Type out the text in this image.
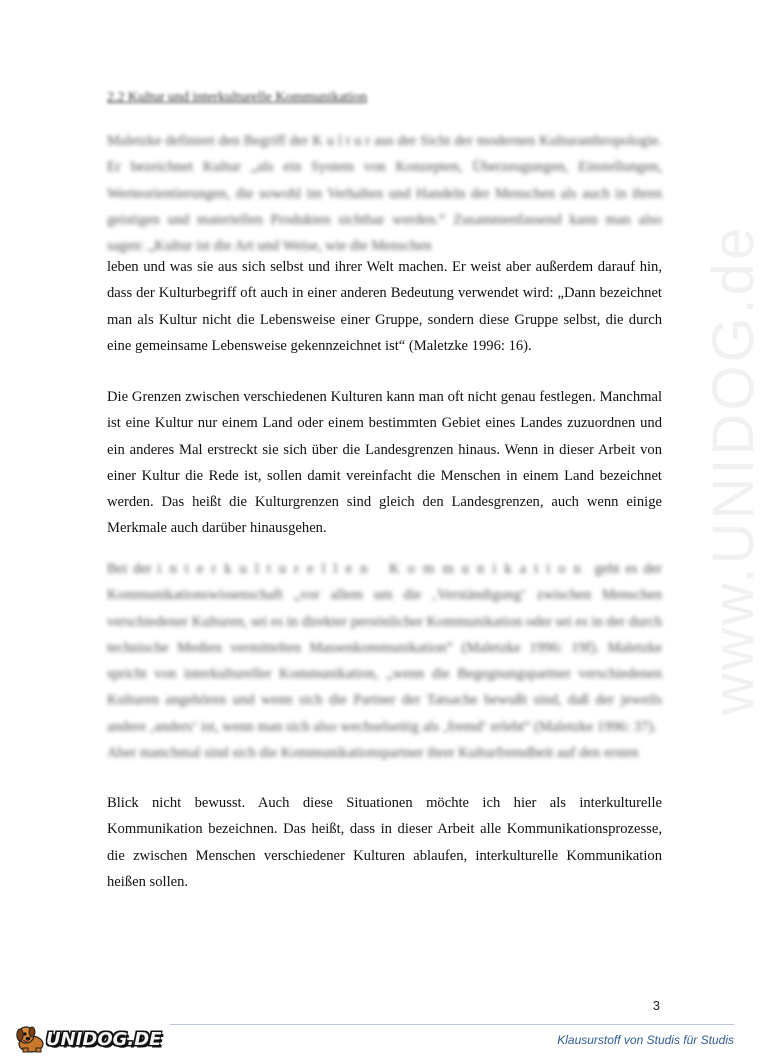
www.UNIDOG.de
2.2 Kultur und interkulturelle Kommunikation

Maletzke definiert den Begriff der K u l t u r aus der Sicht der modernen Kulturanthropologie. Er bezeichnet Kultur „als ein System von Konzepten, Überzeugungen, Einstellungen, Werteorientierungen, die sowohl im Verhalten und Handeln der Menschen als auch in ihren geistigen und materiellen Produkten sichtbar werden.“ Zusammenfassend kann man also sagen: „Kultur ist die Art und Weise, wie die Menschen

leben und was sie aus sich selbst und ihrer Welt machen. Er weist aber außerdem darauf hin, dass der Kulturbegriff oft auch in einer anderen Bedeutung verwendet wird: „Dann bezeichnet man als Kultur nicht die Lebensweise einer Gruppe, sondern diese Gruppe selbst, die durch eine gemeinsame Lebensweise gekennzeichnet ist“ (Maletzke 1996: 16).

Die Grenzen zwischen verschiedenen Kulturen kann man oft nicht genau festlegen. Manchmal ist eine Kultur nur einem Land oder einem bestimmten Gebiet eines Landes zuzuordnen und ein anderes Mal erstreckt sie sich über die Landesgrenzen hinaus. Wenn in dieser Arbeit von einer Kultur die Rede ist, sollen damit vereinfacht die Menschen in einem Land bezeichnet werden. Das heißt die Kulturgrenzen sind gleich den Landesgrenzen, auch wenn einige Merkmale auch darüber hinausgehen.

Bei der interkulturellen Kommunikation geht es der Kommunikationswissenschaft „vor allem um die ‚Verständigung‘ zwischen Menschen verschiedener Kulturen, sei es in direkter persönlicher Kommunikation oder sei es in der durch technische Medien vermittelten Massenkommunikation“ (Maletzke 1996: 19f). Maletzke spricht von interkultureller Kommunikation, „wenn die Begegnungspartner verschiedenen Kulturen angehören und wenn sich die Partner der Tatsache bewußt sind, daß der jeweils andere ‚anders‘ ist, wenn man sich also wechselseitig als ‚fremd‘ erlebt“ (Maletzke 1996: 37).
Aber manchmal sind sich die Kommunikationspartner ihrer Kulturfremdheit auf den ersten

Blick nicht bewusst. Auch diese Situationen möchte ich hier als interkulturelle Kommunikation bezeichnen. Das heißt, dass in dieser Arbeit alle Kommunikationsprozesse, die zwischen Menschen verschiedener Kulturen ablaufen, interkulturelle Kommunikation heißen sollen.

3
UNIDOG.DE	Klausurstoff von Studis für Studis
